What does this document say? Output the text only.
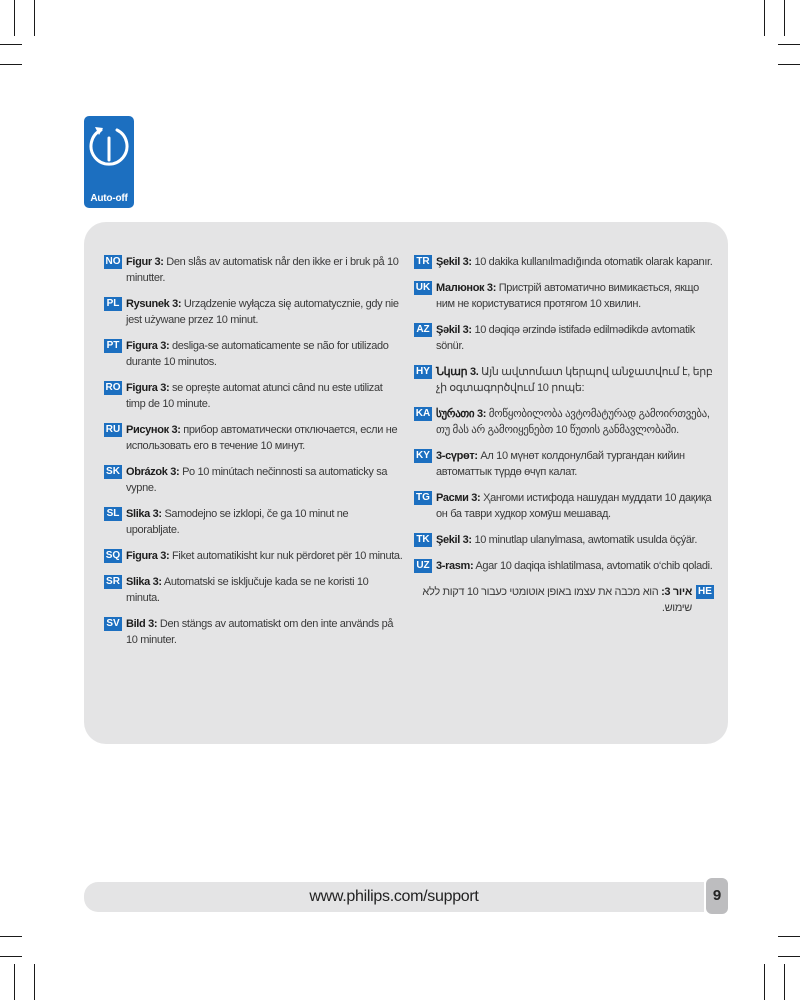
Auto-off
NO Figur 3: Den slås av automatisk når den ikke er i bruk på 10 minutter.
PL Rysunek 3: Urządzenie wyłącza się automatycznie, gdy nie jest używane przez 10 minut.
PT Figura 3: desliga-se automaticamente se não for utilizado durante 10 minutos.
RO Figura 3: se oprește automat atunci când nu este utilizat timp de 10 minute.
RU Рисунок 3: прибор автоматически отключается, если не использовать его в течение 10 минут.
SK Obrázok 3: Po 10 minútach nečinnosti sa automaticky sa vypne.
SL Slika 3: Samodejno se izklopi, če ga 10 minut ne uporabljate.
SQ Figura 3: Fiket automatikisht kur nuk përdoret për 10 minuta.
SR Slika 3: Automatski se isključuje kada se ne koristi 10 minuta.
SV Bild 3: Den stängs av automatiskt om den inte används på 10 minuter.
TR Şekil 3: 10 dakika kullanılmadığında otomatik olarak kapanır.
UK Малюнок 3: Пристрій автоматично вимикається, якщо ним не користуватися протягом 10 хвилин.
AZ Şəkil 3: 10 dəqiqə ərzində istifadə edilmədikdə avtomatik sönür.
HY Նկար 3. Այն ավտոմատ կերպով անջատվում է, երբ չի օգտագործվում 10 րոպե:
KA სურათი 3: მოწყობილობა ავტომატურად გამოირთვება, თუ მას არ გამოიყენებთ 10 წუთის განმავლობაში.
KY 3-сүрөт: Ал 10 мүнөт колдонулбай тургандан кийин автоматтык түрдө өчүп калат.
TG Расми 3: Ҳангоми истифода нашудан муддати 10 дақиқа он ба таври худкор хомӯш мешавад.
TK Şekil 3: 10 minutlap ulanylmasa, awtomatik usulda öçýär.
UZ 3-rasm: Agar 10 daqiqa ishlatilmasa, avtomatik o‘chib qoladi.
HE
איור 3: הוא מכבה את עצמו באופן אוטומטי כעבור 10 דקות ללא שימוש.
www.philips.com/support	9
